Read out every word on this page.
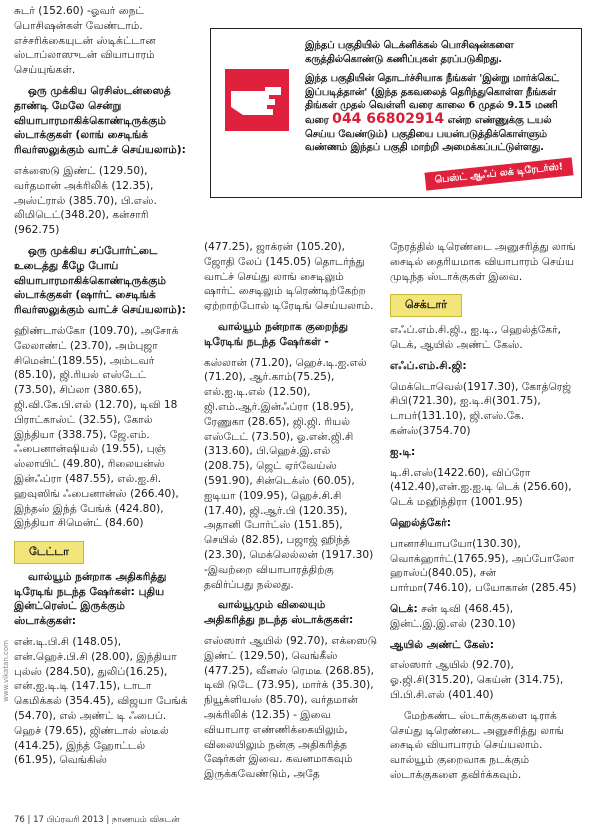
சுடர் (152.60) -ஓவர் நைட் பொசிஷன்கள் வேண்டாம். எச்சரிக்கையுடன் ஸ்டிக்ட்டான ஸ்டாப்லாஸுடன் வியாபாரம் செய்யுங்கள்.

ஒரு முக்கிய ரெசிஸ்டன்ஸைத் தாண்டி மேலே சென்று வியாபாரமாகிக்கொண்டிருக்கும் ஸ்டாக்குகள் (லாங் சைடிங்க் ரிவர்ஸலுக்கும் வாட்ச் செய்யலாம்):

எக்ஸைடு இண்ட் (129.50), வர்தமான் அக்ரிலிக் (12.35), அஸ்ட்ரால் (385.70), பி.எஸ். லிமிடெட்(348.20), கன்சாரி (962.75)

ஒரு முக்கிய சப்போர்ட்டை உடைத்து கீழே போய் வியாபாரமாகிக்கொண்டிருக்கும் ஸ்டாக்குகள் (ஷார்ட் சைடிங்க் ரிவர்ஸலுக்கும் வாட்ச் செய்யலாம்):

ஹிண்டால்கோ (109.70), அசோக் லேலாண்ட் (23.70), அம்புஜா சிமென்ட்(189.55), அம்டவர் (85.10), ஜி.ரியல் எஸ்டேட் (73.50), சிப்லா (380.65), ஜி.வி.கே.பி.எல் (12.70), டிவி 18 பிராட்காஸ்ட் (32.55), கோல் இந்தியா (338.75), ஜே.எம். ஃபைனான்ஷியல் (19.55), புஞ் ஸ்லாயிட் (49.80), ரிலையன்ஸ் இன்ஃப்ரா (487.55), எல்.ஐ.சி. ஹவுஸிங் ஃபைனான்ஸ் (266.40), இந்தஸ் இந்த் பேங்க் (424.80), இந்தியா சிமென்ட் (84.60)

டேட்டா

வால்யூம் நன்றாக அதிகரித்து டிரேடிங் நடந்த ஷேர்கள்: புதிய இன்ட்ரெஸ்ட் இருக்கும் ஸ்டாக்குகள்:

என்.டி.பி.சி (148.05), என்.ஹெச்.பி.சி (28.00), இந்தியா புல்ஸ் (284.50), துலிப்(16.25), என்.ஐ.டி.டி (147.15), டாடா கெமிக்கல் (354.45), விஜயா பேங்க் (54.70), எல் அண்ட் டி ஃபைப். ஹெச் (79.65), ஜிண்டால் ஸ்டீல் (414.25), இந்த் ஹோட்டல் (61.95), வெங்கிஸ்

இந்தப் பகுதியில் டெக்னிக்கல் பொசிஷன்களை கருத்தில்கொண்டு கணிப்புகள் தரப்படுகிறது.
இந்த பகுதியின் தொடர்ச்சியாக நீங்கள் 'இன்று மார்க்கெட் இப்படித்தான்' (இந்த தகவலைத் தெரிந்துகொள்ள நீங்கள் திங்கள் முதல் வெள்ளி வரை காலை 6 முதல் 9.15 மணி வரை 044 66802914 என்ற எண்ணுக்கு டயல் செய்ய வேண்டும்) பகுதியை பயன்படுத்திக்கொள்ளும் வண்ணம் இந்தப் பகுதி மாற்றி அமைக்கப்பட்டுள்ளது.
பெஸ்ட் ஆஃப் லக் டிரேடர்ஸ்!

(477.25), ஜாக்ரன் (105.20), ஜோதி லேப் (145.05) தொடர்ந்து வாட்ச் செய்து லாங் சைடிலும் ஷார்ட் சைடிலும் டிரெண்டிற்கேற்ற ஏற்றாற்போல் டிரேடிங் செய்யலாம்.

வால்யூம் நன்றாக குறைந்து டிரேடிங் நடந்த ஷேர்கள் -

கஸ்லான் (71.20), ஹெச்.டி.ஐ.எல் (71.20), ஆர்.காம்(75.25), எல்.ஐ.டி.எல் (12.50), ஜி.எம்.ஆர்.இன்ஃப்ரா (18.95), ரேணுகா (28.65), ஜி.ஜி. ரியல் எஸ்டேட் (73.50), ஓ.என்.ஜி.சி (313.60), பி.ஹெச்.இ.எல் (208.75), ஜெட் ஏர்வேய்ஸ் (591.90), சின்டெக்ஸ் (60.05), ஐடியா (109.95), ஹெச்.சி.சி (17.40), ஜி.ஆர்.பி (120.35), அதானி போர்ட்ஸ் (151.85), செயில் (82.85), பஜாஜ் ஹிந்த் (23.30), மெக்லெல்லன் (1917.30) -இவற்றை வியாபாரத்திற்கு தவிர்ப்பது நல்லது.

வால்யூமும் விலையும் அதிகரித்து நடந்த ஸ்டாக்குகள்:

எஸ்ஸார் ஆயில் (92.70), எக்ஸைடு இண்ட் (129.50), வெங்கீஸ் (477.25), வீனஸ் ரெமடீ (268.85), டிவி டுடே (73.95), மார்க் (35.30), நியூக்ளியஸ் (85.70), வர்தமான் அக்ரிலிக் (12.35) - இவை வியாபார எண்ணிக்கையிலும், விலையிலும் நன்கு அதிகரித்த ஷேர்கள் இவை. கவனமாகவும் இருக்கவேண்டும், அதே

நேரத்தில் டிரெண்டை அனுசரித்து லாங் சைடில் தைரியமாக வியாபாரம் செய்ய முடிந்த ஸ்டாக்குகள் இவை.

செக்டார்

எஃப்.எம்.சி.ஜி., ஐ.டி., ஹெல்த்கேர், டெக், ஆயில் அண்ட் கேஸ்.

எஃப்.எம்.சி.ஜி:

மெக்டொவெல்(1917.30), கோத்ரெஜ் சிபி(721.30), ஐ.டி.சி(301.75), டாபர்(131.10), ஜி.எஸ்.கே. கன்ஸ்(3754.70)

ஐ.டி:

டி.சி.எஸ்(1422.60), விப்ரோ (412.40),என்.ஐ.ஐ.டி டெக் (256.60), டெக் மஹிந்திரா (1001.95)

ஹெல்த்கேர்:

பானாசியாபயோ(130.30), வொக்ஹார்ட்(1765.95), அப்போலோ ஹாஸ்ப்(840.05), சன் பார்மா(746.10), பயோகான் (285.45)

டெக்: சன் டிவி (468.45), இன்ட்.இ.இ.எல் (230.10)

ஆயில் அண்ட் கேஸ்:

எஸ்ஸார் ஆயில் (92.70), ஓ.ஜி.சி(315.20), கெய்ன் (314.75), பி.பி.சி.எல் (401.40)

மேற்கண்ட ஸ்டாக்குகளை டிராக் செய்து டிரெண்டை அனுசரித்து லாங் சைடில் வியாபாரம் செய்யலாம். வால்யூம் குறைவாக நடக்கும் ஸ்டாக்குகளை தவிர்க்கவும்.

www.vikatan.com
76 | 17 பிப்ரவரி 2013 | நாணயம் விகடன்
